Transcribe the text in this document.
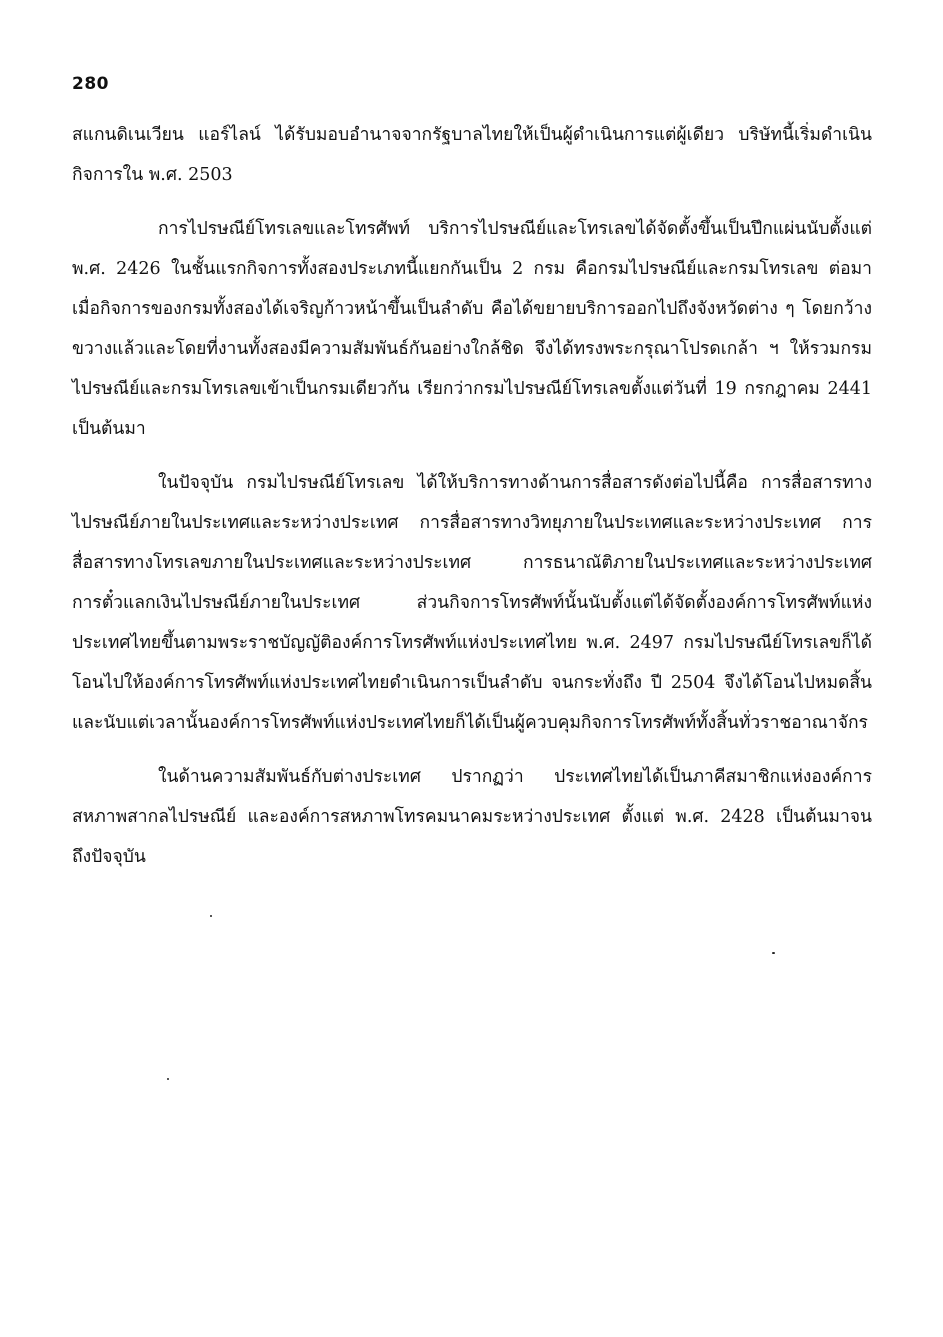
280
สแกนดิเนเวียน แอร์ไลน์ ได้รับมอบอำนาจจากรัฐบาลไทยให้เป็นผู้ดำเนินการแต่ผู้เดียว บริษัทนี้เริ่มดำเนิน
กิจการใน พ.ศ. 2503
การไปรษณีย์โทรเลขและโทรศัพท์ บริการไปรษณีย์และโทรเลขได้จัดตั้งขึ้นเป็นปึกแผ่นนับตั้งแต่
พ.ศ. 2426 ในชั้นแรกกิจการทั้งสองประเภทนี้แยกกันเป็น 2 กรม คือกรมไปรษณีย์และกรมโทรเลข ต่อมา
เมื่อกิจการของกรมทั้งสองได้เจริญก้าวหน้าขึ้นเป็นลำดับ คือได้ขยายบริการออกไปถึงจังหวัดต่าง ๆ โดยกว้าง
ขวางแล้วและโดยที่งานทั้งสองมีความสัมพันธ์กันอย่างใกล้ชิด จึงได้ทรงพระกรุณาโปรดเกล้า ฯ ให้รวมกรม
ไปรษณีย์และกรมโทรเลขเข้าเป็นกรมเดียวกัน เรียกว่ากรมไปรษณีย์โทรเลขตั้งแต่วันที่ 19 กรกฎาคม 2441
เป็นต้นมา
ในปัจจุบัน กรมไปรษณีย์โทรเลข ได้ให้บริการทางด้านการสื่อสารดังต่อไปนี้คือ การสื่อสารทาง
ไปรษณีย์ภายในประเทศและระหว่างประเทศ การสื่อสารทางวิทยุภายในประเทศและระหว่างประเทศ การ
สื่อสารทางโทรเลขภายในประเทศและระหว่างประเทศ การธนาณัติภายในประเทศและระหว่างประเทศ
การตั๋วแลกเงินไปรษณีย์ภายในประเทศ ส่วนกิจการโทรศัพท์นั้นนับตั้งแต่ได้จัดตั้งองค์การโทรศัพท์แห่ง
ประเทศไทยขึ้นตามพระราชบัญญัติองค์การโทรศัพท์แห่งประเทศไทย พ.ศ. 2497 กรมไปรษณีย์โทรเลขก็ได้
โอนไปให้องค์การโทรศัพท์แห่งประเทศไทยดำเนินการเป็นลำดับ จนกระทั่งถึง ปี 2504 จึงได้โอนไปหมดสิ้น
และนับแต่เวลานั้นองค์การโทรศัพท์แห่งประเทศไทยก็ได้เป็นผู้ควบคุมกิจการโทรศัพท์ทั้งสิ้นทั่วราชอาณาจักร
ในด้านความสัมพันธ์กับต่างประเทศ ปรากฏว่า ประเทศไทยได้เป็นภาคีสมาชิกแห่งองค์การ
สหภาพสากลไปรษณีย์ และองค์การสหภาพโทรคมนาคมระหว่างประเทศ ตั้งแต่ พ.ศ. 2428 เป็นต้นมาจน
ถึงปัจจุบัน
